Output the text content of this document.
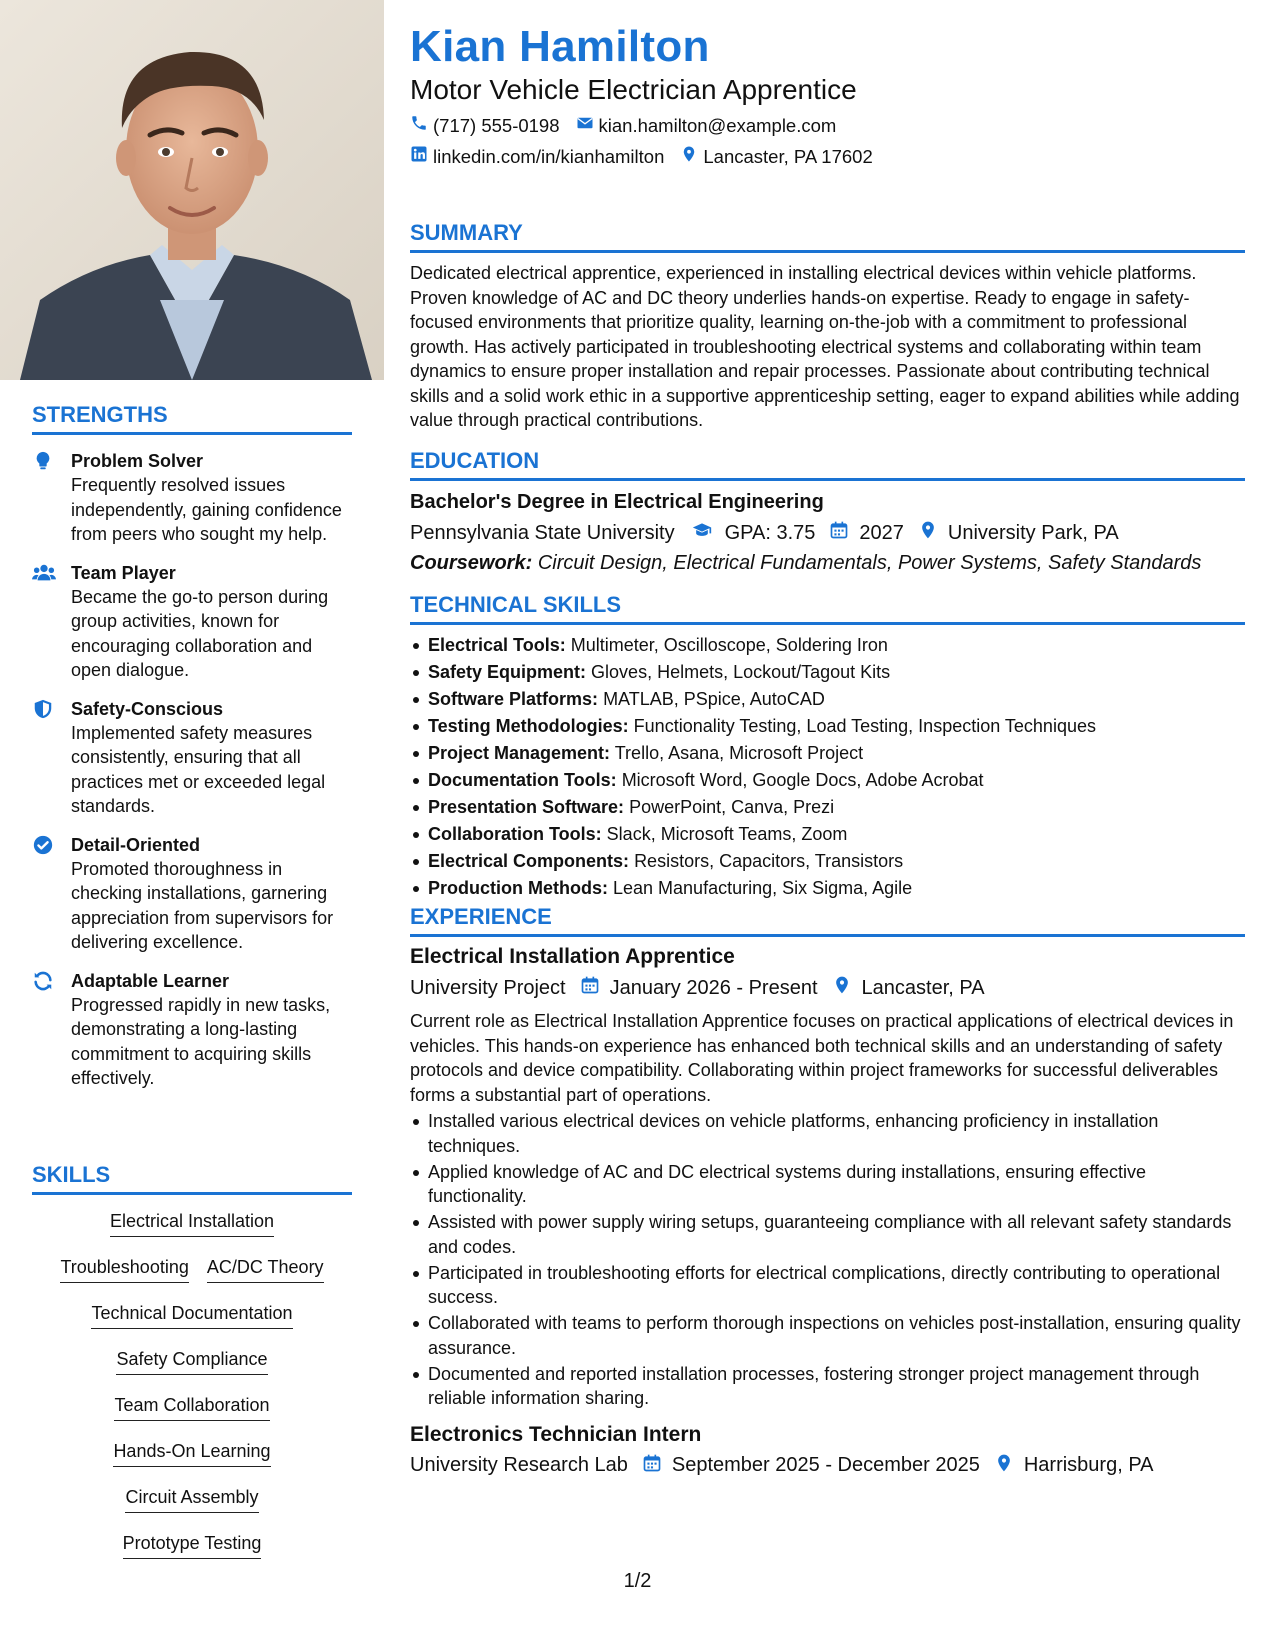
STRENGTHS
Problem Solver
Frequently resolved issues independently, gaining confidence from peers who sought my help.
Team Player
Became the go-to person during group activities, known for encouraging collaboration and open dialogue.
Safety-Conscious
Implemented safety measures consistently, ensuring that all practices met or exceeded legal standards.
Detail-Oriented
Promoted thoroughness in checking installations, garnering appreciation from supervisors for delivering excellence.
Adaptable Learner
Progressed rapidly in new tasks, demonstrating a long-lasting commitment to acquiring skills effectively.
SKILLS
Electrical Installation
Troubleshooting AC/DC Theory
Technical Documentation
Safety Compliance
Team Collaboration
Hands-On Learning
Circuit Assembly
Prototype Testing
Kian Hamilton
Motor Vehicle Electrician Apprentice
(717) 555-0198 kian.hamilton@example.com
linkedin.com/in/kianhamilton Lancaster, PA 17602
SUMMARY
Dedicated electrical apprentice, experienced in installing electrical devices within vehicle platforms. Proven knowledge of AC and DC theory underlies hands-on expertise. Ready to engage in safety-focused environments that prioritize quality, learning on-the-job with a commitment to professional growth. Has actively participated in troubleshooting electrical systems and collaborating within team dynamics to ensure proper installation and repair processes. Passionate about contributing technical skills and a solid work ethic in a supportive apprenticeship setting, eager to expand abilities while adding value through practical contributions.
EDUCATION
Bachelor's Degree in Electrical Engineering
Pennsylvania State University	GPA: 3.75 2027 University Park, PA
Coursework: Circuit Design, Electrical Fundamentals, Power Systems, Safety Standards
TECHNICAL SKILLS
Electrical Tools: Multimeter, Oscilloscope, Soldering Iron
Safety Equipment: Gloves, Helmets, Lockout/Tagout Kits
Software Platforms: MATLAB, PSpice, AutoCAD
Testing Methodologies: Functionality Testing, Load Testing, Inspection Techniques
Project Management: Trello, Asana, Microsoft Project
Documentation Tools: Microsoft Word, Google Docs, Adobe Acrobat
Presentation Software: PowerPoint, Canva, Prezi
Collaboration Tools: Slack, Microsoft Teams, Zoom
Electrical Components: Resistors, Capacitors, Transistors
Production Methods: Lean Manufacturing, Six Sigma, Agile
EXPERIENCE
Electrical Installation Apprentice
University Project January 2026 - Present Lancaster, PA
Current role as Electrical Installation Apprentice focuses on practical applications of electrical devices in vehicles. This hands-on experience has enhanced both technical skills and an understanding of safety protocols and device compatibility. Collaborating within project frameworks for successful deliverables forms a substantial part of operations.
Installed various electrical devices on vehicle platforms, enhancing proficiency in installation techniques.
Applied knowledge of AC and DC electrical systems during installations, ensuring effective functionality.
Assisted with power supply wiring setups, guaranteeing compliance with all relevant safety standards and codes.
Participated in troubleshooting efforts for electrical complications, directly contributing to operational success.
Collaborated with teams to perform thorough inspections on vehicles post-installation, ensuring quality assurance.
Documented and reported installation processes, fostering stronger project management through reliable information sharing.
Electronics Technician Intern
University Research Lab September 2025 - December 2025 Harrisburg, PA
1/2
